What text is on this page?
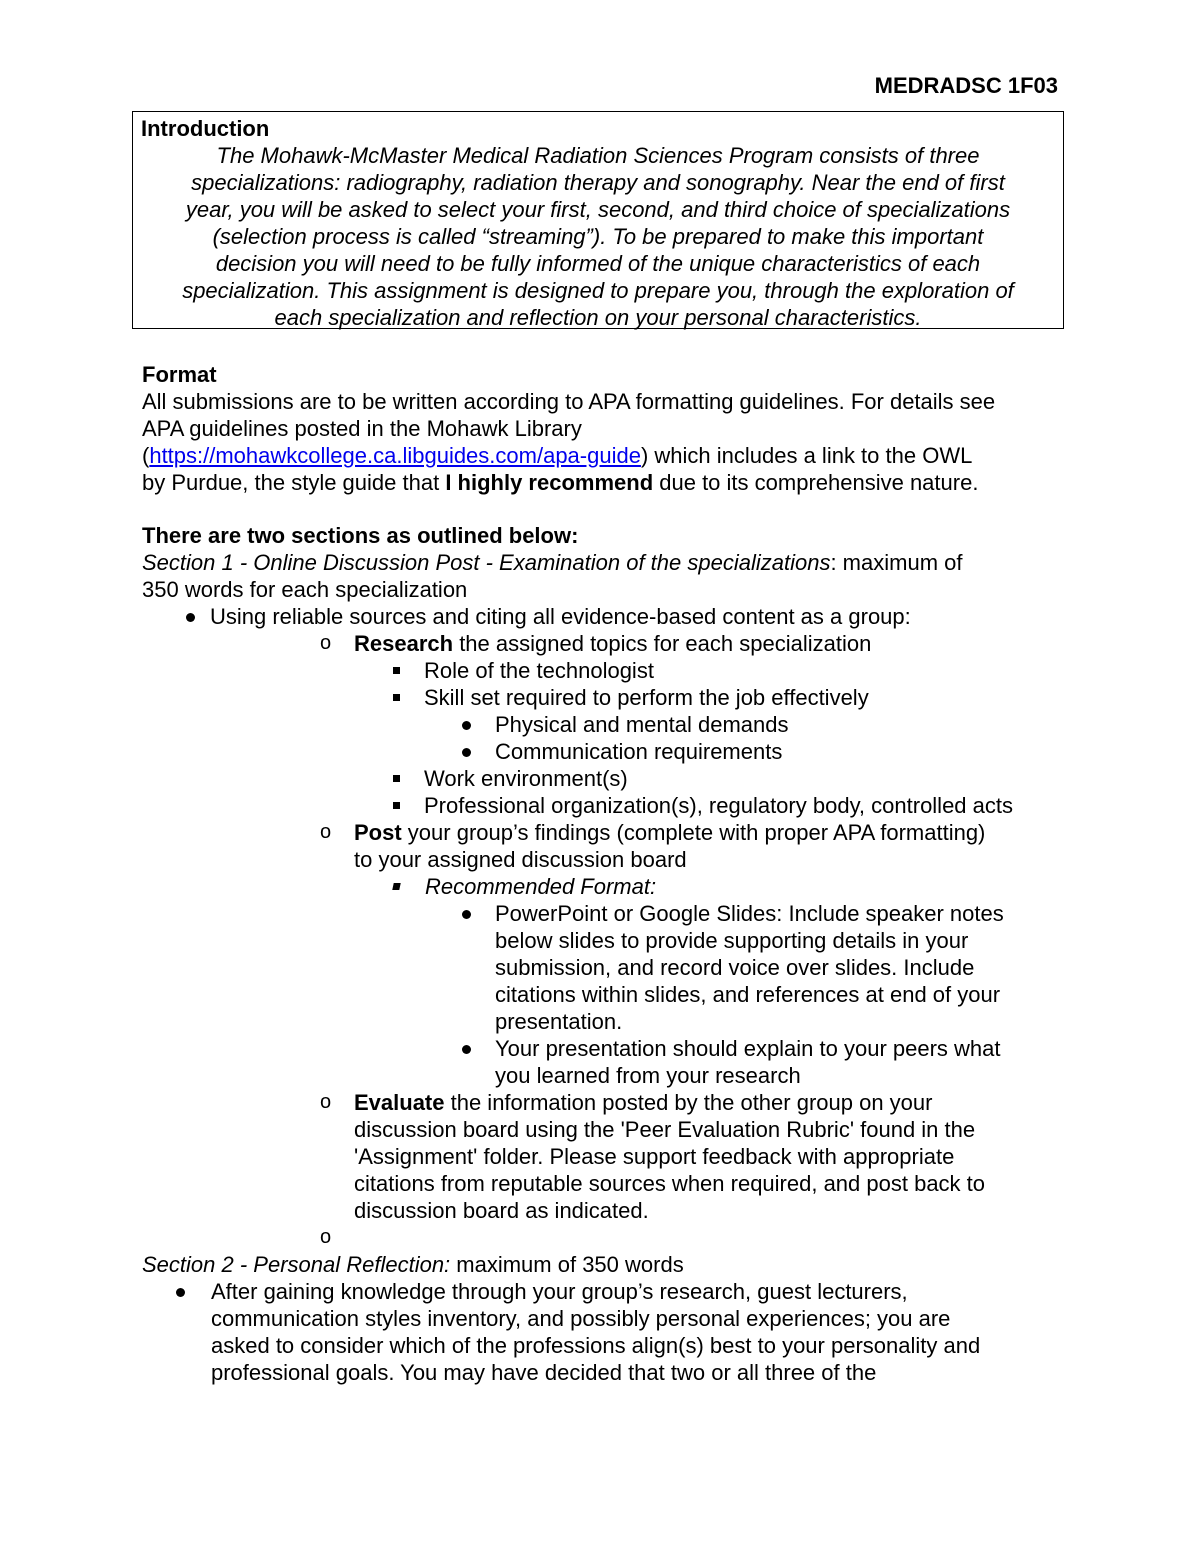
MEDRADSC 1F03
Introduction
The Mohawk-McMaster Medical Radiation Sciences Program consists of three
specializations: radiography, radiation therapy and sonography. Near the end of first
year, you will be asked to select your first, second, and third choice of specializations
(selection process is called “streaming”). To be prepared to make this important
decision you will need to be fully informed of the unique characteristics of each
specialization. This assignment is designed to prepare you, through the exploration of
each specialization and reflection on your personal characteristics.
Format
All submissions are to be written according to APA formatting guidelines. For details see
APA guidelines posted in the Mohawk Library
(https://mohawkcollege.ca.libguides.com/apa-guide) which includes a link to the OWL
by Purdue, the style guide that I highly recommend due to its comprehensive nature.
There are two sections as outlined below:
Section 1 - Online Discussion Post - Examination of the specializations: maximum of
350 words for each specialization
Using reliable sources and citing all evidence-based content as a group:
o Research the assigned topics for each specialization
Role of the technologist
Skill set required to perform the job effectively
Physical and mental demands
Communication requirements
Work environment(s)
Professional organization(s), regulatory body, controlled acts
o Post your group’s findings (complete with proper APA formatting)
to your assigned discussion board
Recommended Format:
PowerPoint or Google Slides: Include speaker notes
below slides to provide supporting details in your
submission, and record voice over slides. Include
citations within slides, and references at end of your
presentation.
Your presentation should explain to your peers what
you learned from your research
o Evaluate the information posted by the other group on your
discussion board using the 'Peer Evaluation Rubric' found in the
'Assignment' folder. Please support feedback with appropriate
citations from reputable sources when required, and post back to
discussion board as indicated.
o
Section 2 - Personal Reflection: maximum of 350 words
After gaining knowledge through your group’s research, guest lecturers,
communication styles inventory, and possibly personal experiences; you are
asked to consider which of the professions align(s) best to your personality and
professional goals. You may have decided that two or all three of the
